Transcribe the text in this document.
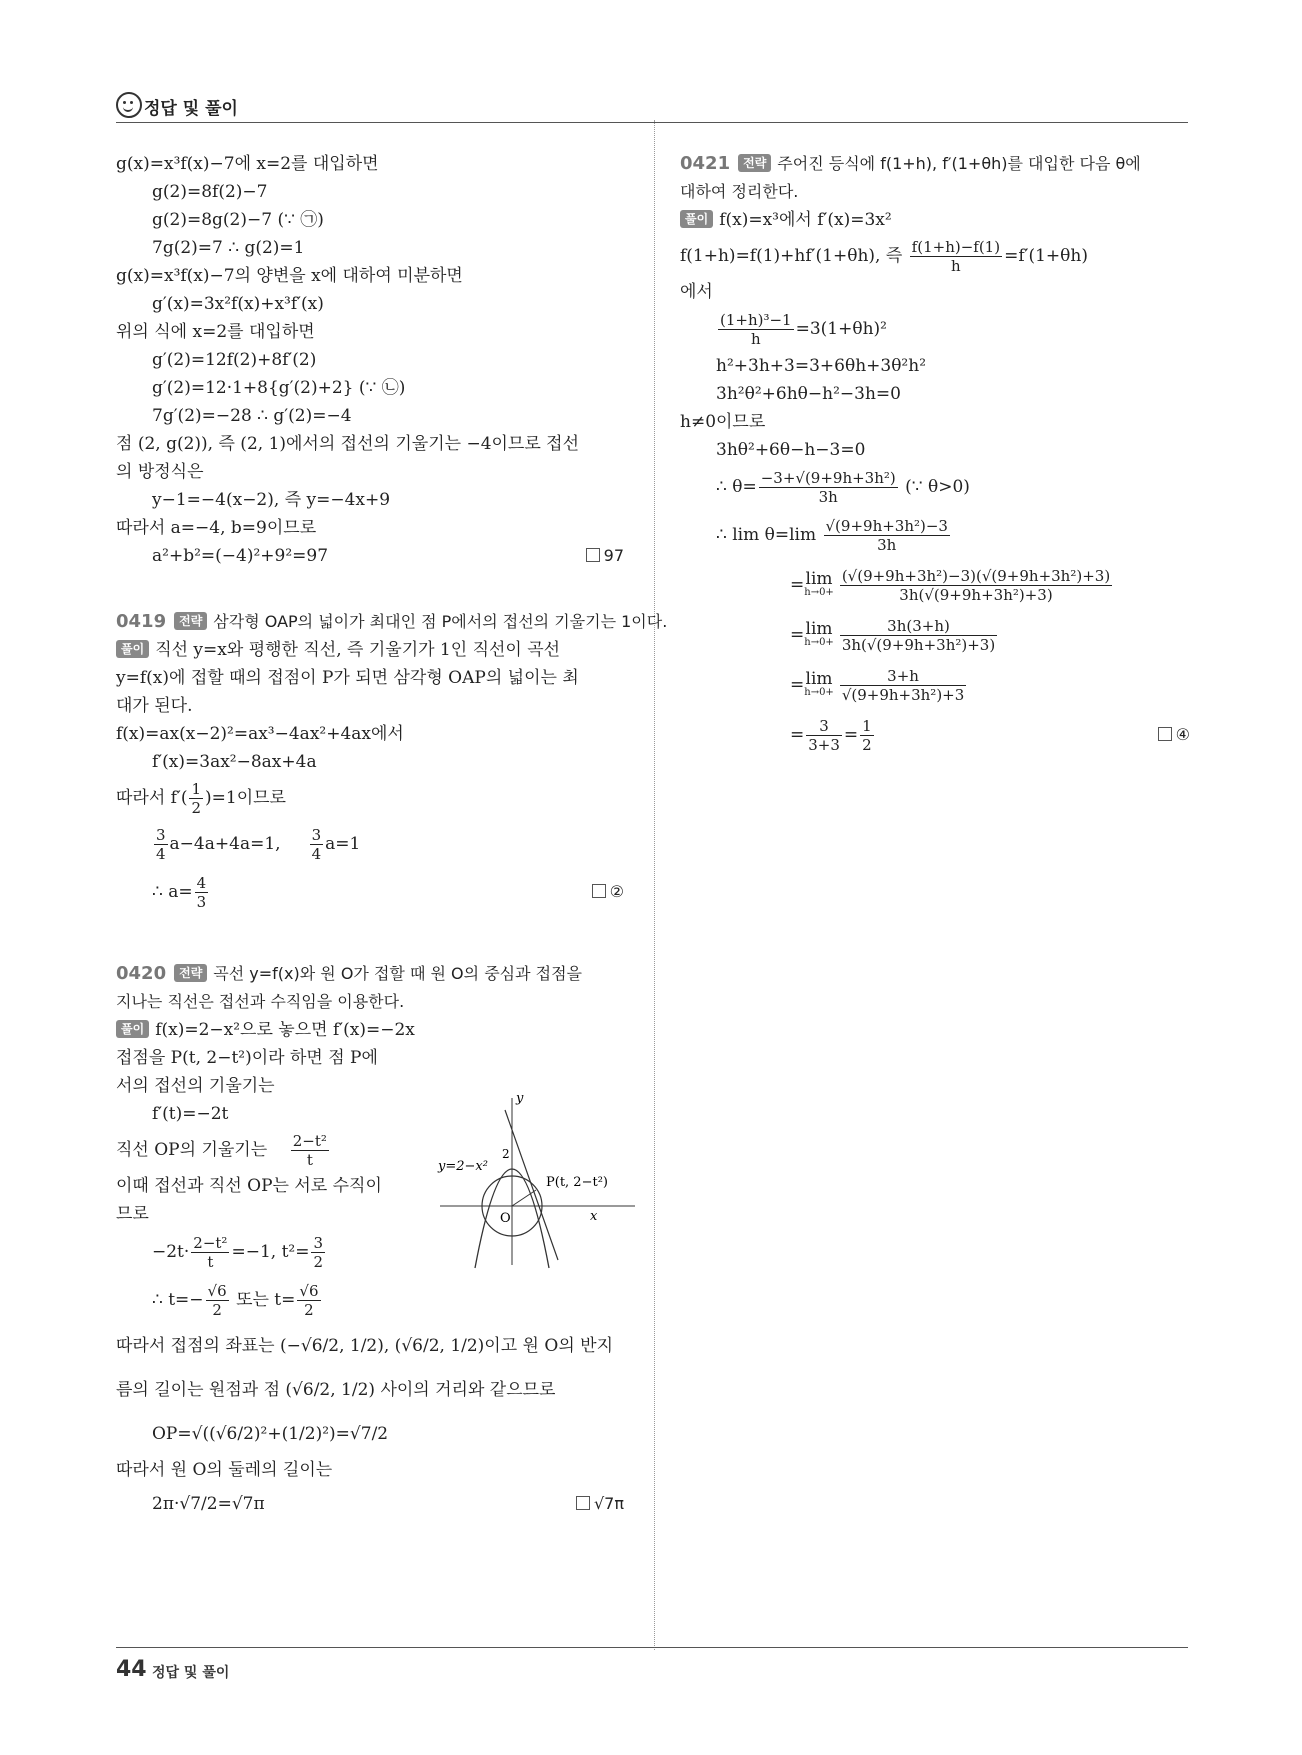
정답 및 풀이
g(x)=x³f(x)−7에 x=2를 대입하면
g(2)=8f(2)−7
g(2)=8g(2)−7 (∵ ㉠)
7g(2)=7 ∴ g(2)=1
g(x)=x³f(x)−7의 양변을 x에 대하여 미분하면
g′(x)=3x²f(x)+x³f′(x)
위의 식에 x=2를 대입하면
g′(2)=12f(2)+8f′(2)
g′(2)=12·1+8{g′(2)+2} (∵ ㉡)
7g′(2)=−28 ∴ g′(2)=−4
점 (2, g(2)), 즉 (2, 1)에서의 접선의 기울기는 −4이므로 접선
의 방정식은
y−1=−4(x−2), 즉 y=−4x+9
따라서 a=−4, b=9이므로
a²+b²=(−4)²+9²=97	97
0419 전략 삼각형 OAP의 넓이가 최대인 점 P에서의 접선의 기울기는 1이다.
풀이 직선 y=x와 평행한 직선, 즉 기울기가 1인 직선이 곡선
y=f(x)에 접할 때의 접점이 P가 되면 삼각형 OAP의 넓이는 최
대가 된다.
f(x)=ax(x−2)²=ax³−4ax²+4ax에서
f′(x)=3ax²−8ax+4a
따라서 $f'( \frac{1}{2} )=1$이므로
$\frac{3}{4} a-4a+4a=1$, $\frac{3}{4} a=1$
∴ $a= \frac{4}{3}$	②
0420 전략 곡선 y=f(x)와 원 O가 접할 때 원 O의 중심과 접점을
지나는 직선은 접선과 수직임을 이용한다.
풀이 f(x)=2−x²으로 놓으면 f′(x)=−2x
접점을 P(t, 2−t²)이라 하면 점 P에
서의 접선의 기울기는
f′(t)=−2t
직선 OP의 기울기는 $\frac{\text{2−t²}}{t}$
이때 접선과 직선 OP는 서로 수직이
므로
$-2t\cdot \frac{\text{2−t²}}{t} =-1$, $t^2= \frac{3}{2}$
∴ $t=- \frac{√6}{2}$ 또는 $t= \frac{√6}{2}$
따라서 접점의 좌표는 (−√6/2, 1/2), (√6/2, 1/2)이고 원 O의 반지
름의 길이는 원점과 점 (√6/2, 1/2) 사이의 거리와 같으므로
OP=√((√6/2)²+(1/2)²)=√7/2
따라서 원 O의 둘레의 길이는
2π·√7/2=√7π	√7π
y=2−x²
P(t, 2−t²)
y
x
O
2
0421 전략 주어진 등식에 f(1+h), f′(1+θh)를 대입한 다음 θ에
대하여 정리한다.
풀이 f(x)=x³에서 f′(x)=3x²
f(1+h)=f(1)+hf′(1+θh), 즉 $\frac{f(1+h)-f(1)}{h} =f'(1+\theta h)$
에서
$\frac{\text{(1+h)³−1}}{h} =3(1+\theta h)^2$
h²+3h+3=3+6θh+3θ²h²
3h²θ²+6hθ−h²−3h=0
h≠0이므로
3hθ²+6θ−h−3=0
∴ $\theta= \frac{\text{−3+√(9+9h+3h²)}}{3h}$ (∵ θ>0)
∴ $\lim \theta=\lim \frac{\text{√(9+9h+3h²)−3}}{3h}$
=lim
$h\to 0+ \frac{\text{(√(9+9h+3h²)−3)(√(9+9h+3h²)+3)}}{\text{3h(√(9+9h+3h²)+3)}}$
=lim
$h\to 0+ \frac{3h(3+h)}{\text{3h(√(9+9h+3h²)+3)}}$
=lim
$h\to 0+ \frac{3+h}{\text{√(9+9h+3h²)+3}}$
= $\frac{3}{3+3} = \frac{1}{2}$	④
44 정답 및 풀이
